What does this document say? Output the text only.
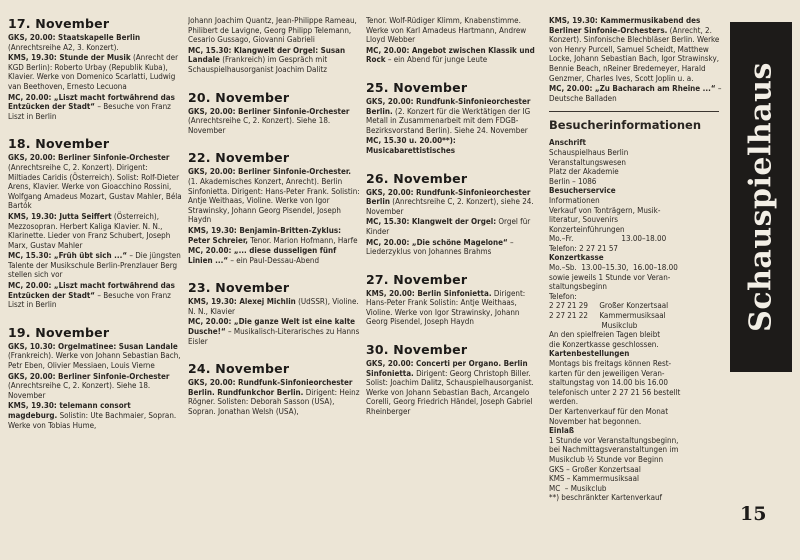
17. November
GKS, 20.00: Staatskapelle Berlin (Anrechtsreihe A2, 3. Konzert).
KMS, 19.30: Stunde der Musik (Anrecht der KGD Berlin): Roberto Urbay (Republik Kuba), Klavier. Werke von Domenico Scarlatti, Ludwig van Beethoven, Ernesto Lecuona
MC, 20.00: „Liszt macht fortwährend das Entzücken der Stadt“ – Besuche von Franz Liszt in Berlin
18. November
GKS, 20.00: Berliner Sinfonie-Orchester (Anrechtsreihe C, 2. Konzert). Dirigent: Miltiades Caridis (Österreich). Solist: Rolf-Dieter Arens, Klavier. Werke von Gioacchino Rossini, Wolfgang Amadeus Mozart, Gustav Mahler, Béla Bartók
KMS, 19.30: Jutta Seiffert (Österreich), Mezzosopran. Herbert Kaliga Klavier. N. N., Klarinette. Lieder von Franz Schubert, Joseph Marx, Gustav Mahler
MC, 15.30: „Früh übt sich ...“ – Die jüngsten Talente der Musikschule Berlin-Prenzlauer Berg stellen sich vor
MC, 20.00: „Liszt macht fortwährend das Entzücken der Stadt“ – Besuche von Franz Liszt in Berlin
19. November
GKS, 10.30: Orgelmatinee: Susan Landale (Frankreich). Werke von Johann Sebastian Bach, Petr Eben, Olivier Messiaen, Louis Vierne
GKS, 20.00: Berliner Sinfonie-Orchester (Anrechtsreihe C, 2. Konzert). Siehe 18. November
KMS, 19.30: telemann consort magdeburg. Solistin: Ute Bachmaier, Sopran. Werke von Tobias Hume,
Johann Joachim Quantz, Jean-Philippe Rameau, Philibert de Lavigne, Georg Philipp Telemann, Cesario Gussago, Giovanni Gabrieli
MC, 15.30: Klangwelt der Orgel: Susan Landale (Frankreich) im Gespräch mit Schauspielhausorganist Joachim Dalitz
20. November
GKS, 20.00: Berliner Sinfonie-Orchester (Anrechtsreihe C, 2. Konzert). Siehe 18. November
22. November
GKS, 20.00: Berliner Sinfonie-Orchester. (1. Akademisches Konzert, Anrecht). Berlin Sinfonietta. Dirigent: Hans-Peter Frank. Solistin: Antje Weithaas, Violine. Werke von Igor Strawinsky, Johann Georg Pisendel, Joseph Haydn
KMS, 19.30: Benjamin-Britten-Zyklus: Peter Schreier, Tenor. Marion Hofmann, Harfe
MC, 20.00: „... diese dusseligen fünf Linien ...“ – ein Paul-Dessau-Abend
23. November
KMS, 19.30: Alexej Michlin (UdSSR), Violine. N. N., Klavier
MC, 20.00: „Die ganze Welt ist eine kalte Dusche!“ – Musikalisch-Literarisches zu Hanns Eisler
24. November
GKS, 20.00: Rundfunk-Sinfonieorchester Berlin. Rundfunkchor Berlin. Dirigent: Heinz Rögner. Solisten: Deborah Sasson (USA), Sopran. Jonathan Welsh (USA),
Tenor. Wolf-Rüdiger Klimm, Knabenstimme. Werke von Karl Amadeus Hartmann, Andrew Lloyd Webber
MC, 20.00: Angebot zwischen Klassik und Rock – ein Abend für junge Leute
25. November
GKS, 20.00: Rundfunk-Sinfonieorchester Berlin. (2. Konzert für die Werktätigen der IG Metall in Zusammenarbeit mit dem FDGB-Bezirksvorstand Berlin). Siehe 24. November
MC, 15.30 u. 20.00**): Musicabarettistisches
26. November
GKS, 20.00: Rundfunk-Sinfonieorchester Berlin (Anrechtsreihe C, 2. Konzert), siehe 24. November
MC, 15.30: Klangwelt der Orgel: Orgel für Kinder
MC, 20.00: „Die schöne Magelone“ – Liederzyklus von Johannes Brahms
27. November
KMS, 20.00: Berlin Sinfonietta. Dirigent: Hans-Peter Frank Solistin: Antje Weithaas, Violine. Werke von Igor Strawinsky, Johann Georg Pisendel, Joseph Haydn
30. November
GKS, 20.00: Concerti per Organo. Berlin Sinfonietta. Dirigent: Georg Christoph Biller. Solist: Joachim Dalitz, Schauspielhausorganist. Werke von Johann Sebastian Bach, Arcangelo Corelli, Georg Friedrich Händel, Joseph Gabriel Rheinberger
KMS, 19.30: Kammermusikabend des Berliner Sinfonie-Orchesters. (Anrecht, 2. Konzert). Sinfonische Blechbläser Berlin. Werke von Henry Purcell, Samuel Scheidt, Matthew Locke, Johann Sebastian Bach, Igor Strawinsky, Bennie Beach, nReiner Bredemeyer, Harald Genzmer, Charles Ives, Scott Joplin u. a.
MC, 20.00: „Zu Bacharach am Rheine ...“ – Deutsche Balladen
Besucherinformationen
Anschrift
Schauspielhaus Berlin
Veranstaltungswesen
Platz der Akademie
Berlin – 1086
Besucherservice
Informationen
Verkauf von Tonträgern, Musik-
literatur, Souvenirs
Konzerteinführungen
Mo.–Fr.                     13.00–18.00
Telefon: 2 27 21 57
Konzertkasse
Mo.–Sb.  13.00–15.30,  16.00–18.00
sowie jeweils 1 Stunde vor Veran-
staltungsbeginn
Telefon:
2 27 21 29     Großer Konzertsaal
2 27 21 22     Kammermusiksaal
Musikclub
An den spielfreien Tagen bleibt
die Konzertkasse geschlossen.
Kartenbestellungen
Montags bis freitags können Rest-
karten für den jeweiligen Veran-
staltungstag von 14.00 bis 16.00
telefonisch unter 2 27 21 56 bestellt
werden.
Der Kartenverkauf für den Monat
November hat begonnen.
Einlaß
1 Stunde vor Veranstaltungsbeginn,
bei Nachmittagsveranstaltungen im
Musikclub ½ Stunde vor Beginn
GKS – Großer Konzertsaal
KMS – Kammermusiksaal
MC  – Musikclub
**) beschränkter Kartenverkauf
Schauspielhaus
15
